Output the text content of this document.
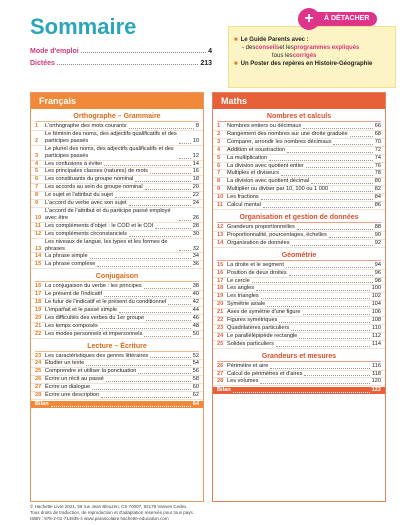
Sommaire
Mode d'emploi	4
Dictées	213
À DÉTACHER
+
■ Le Guide Parents avec :
- des conseils et les programmes expliqués
tous les corrigés
■ Un Poster des repères en Histoire-Géographie
Français
Orthographe – Grammaire
1	L'orthographe des mots courants	8
2
Le féminin des noms, des adjectifs qualificatifs et des participes passés	10
3
Le pluriel des noms, des adjectifs qualificatifs et des participes passés	12
4	Les confusions à éviter	14
5	Les principales classes (natures) de mots	16
6	Les constituants du groupe nominal	18
7	Les accords au sein du groupe nominal	20
8	Le sujet et l'attribut du sujet	22
9	L'accord du verbe avec son sujet	24
10
L'accord de l'attribut et du participe passé employé avec être	26
11 Les compléments d'objet : le COD et le COI	28
12 Les compléments circonstanciels	30
13
Les niveaux de langue, les types et les formes de phrases	32
14 La phrase simple	34
15 La phrase complexe	36
Conjugaison
16 La conjugaison du verbe : les principes	38
17 Le présent de l'indicatif	40
18 Le futur de l'indicatif et le présent du conditionnel	42
19 L'imparfait et le passé simple	44
20 Les difficultés des verbes du 1er groupe	46
21 Les temps composés	48
22 Les modes personnels et impersonnels	50
Lecture – Écriture
23 Les caractéristiques des genres littéraires	52
24 Étudier un texte	54
25 Comprendre et utiliser la ponctuation	56
26 Écrire un récit au passé	58
27 Écrire un dialogue	60
28 Écrire une description	62
Bilan	64
Maths
Nombres et calculs
1	Nombres entiers ou décimaux	66
2	Rangement des nombres sur une droite graduée	68
3	Comparer, arrondir les nombres décimaux	70
4	Addition et soustraction	72
5	La multiplication	74
6	La division avec quotient entier	76
7	Multiples et diviseurs	78
8	La division avec quotient décimal	80
9	Multiplier ou diviser par 10, 100 ou 1 000	82
10 Les fractions	84
11 Calcul mental	86
Organisation et gestion de données
12 Grandeurs proportionnelles	88
13 Proportionnalité, pourcentages, échelles	90
14 Organisation de données	92
Géométrie
15 La droite et le segment	94
16 Position de deux droites	96
17 Le cercle	98
18 Les angles	100
19 Les triangles	102
20 Symétrie axiale	104
21 Axes de symétrie d'une figure	106
22 Figures symétriques	108
23 Quadrilatères particuliers	110
24 Le parallélépipède rectangle	112
25 Solides particuliers	114
Grandeurs et mesures
26 Périmètre et aire	116
27 Calcul de périmètres et d'aires	118
28 Les volumes	120
Bilan	122
© Hachette Livre 2021, 58 rue Jean Bleuzen, CS 70007, 92178 Vanves Cedex.
Tous droits de traduction, de reproduction et d'adaptation réservés pour tous pays.
ISBN : 978-2-01-714935-4 www.parascolaire.hachette-education.com
